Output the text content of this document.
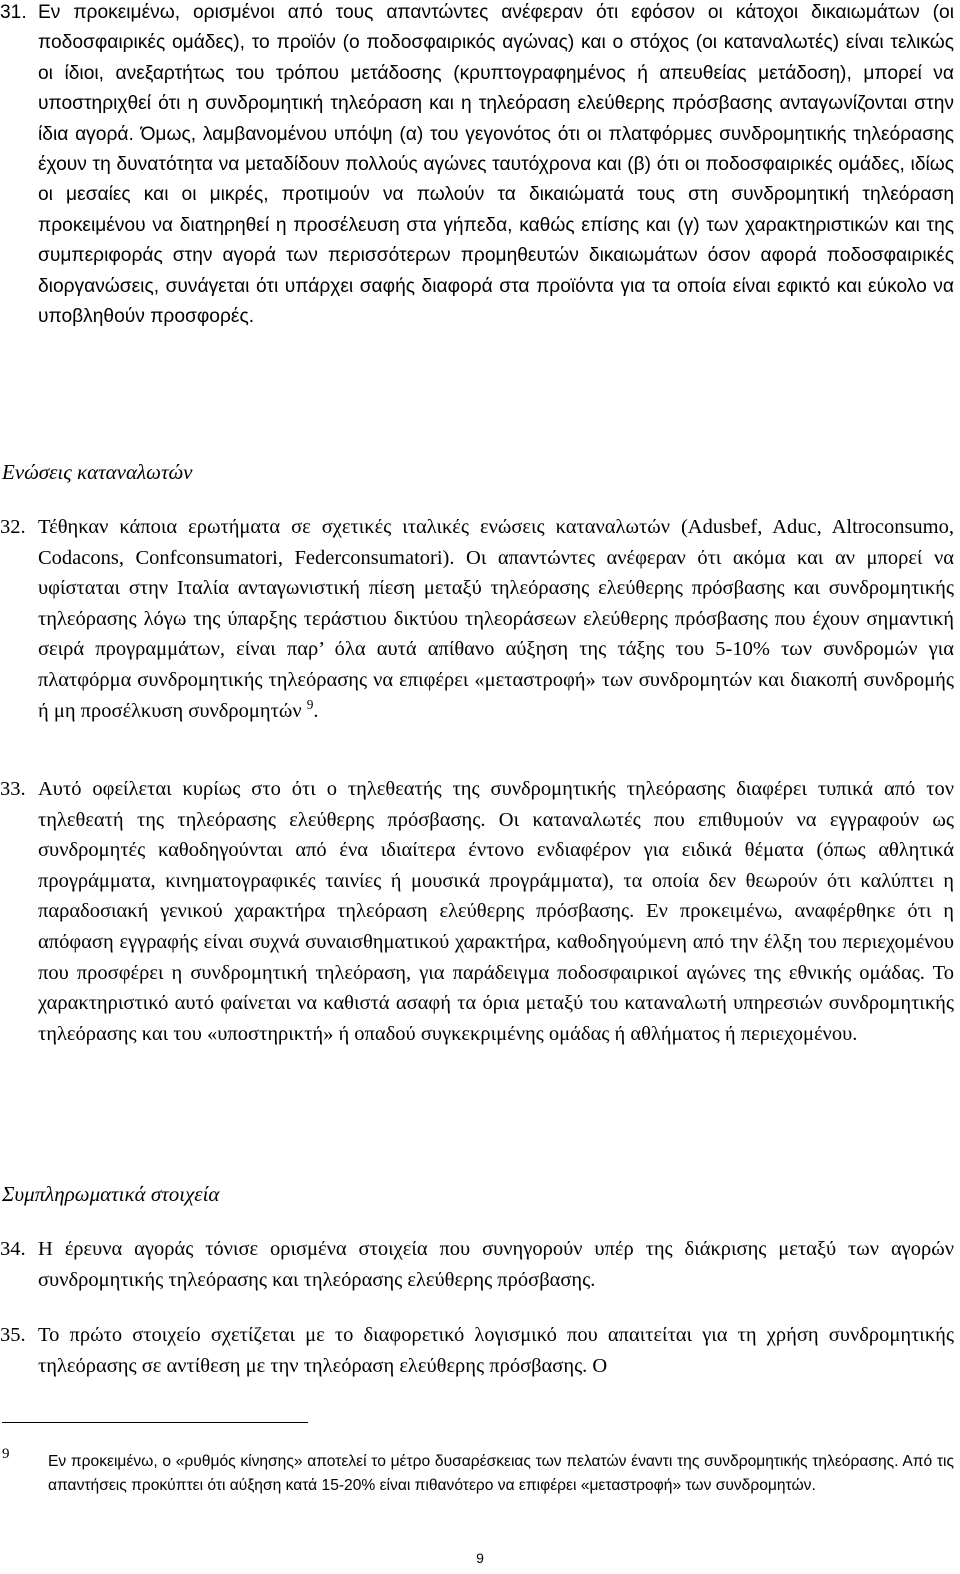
31. Εν προκειμένω, ορισμένοι από τους απαντώντες ανέφεραν ότι εφόσον οι κάτοχοι δικαιωμάτων (οι ποδοσφαιρικές ομάδες), το προϊόν (ο ποδοσφαιρικός αγώνας) και ο στόχος (οι καταναλωτές) είναι τελικώς οι ίδιοι, ανεξαρτήτως του τρόπου μετάδοσης (κρυπτογραφημένος ή απευθείας μετάδοση), μπορεί να υποστηριχθεί ότι η συνδρομητική τηλεόραση και η τηλεόραση ελεύθερης πρόσβασης ανταγωνίζονται στην ίδια αγορά. Όμως, λαμβανομένου υπόψη (α) του γεγονότος ότι οι πλατφόρμες συνδρομητικής τηλεόρασης έχουν τη δυνατότητα να μεταδίδουν πολλούς αγώνες ταυτόχρονα και (β) ότι οι ποδοσφαιρικές ομάδες, ιδίως οι μεσαίες και οι μικρές, προτιμούν να πωλούν τα δικαιώματά τους στη συνδρομητική τηλεόραση προκειμένου να διατηρηθεί η προσέλευση στα γήπεδα, καθώς επίσης και (γ) των χαρακτηριστικών και της συμπεριφοράς στην αγορά των περισσότερων προμηθευτών δικαιωμάτων όσον αφορά ποδοσφαιρικές διοργανώσεις, συνάγεται ότι υπάρχει σαφής διαφορά στα προϊόντα για τα οποία είναι εφικτό και εύκολο να υποβληθούν προσφορές.
Ενώσεις καταναλωτών
32. Τέθηκαν κάποια ερωτήματα σε σχετικές ιταλικές ενώσεις καταναλωτών (Adusbef, Aduc, Altroconsumo, Codacons, Confconsumatori, Federconsumatori). Οι απαντώντες ανέφεραν ότι ακόμα και αν μπορεί να υφίσταται στην Ιταλία ανταγωνιστική πίεση μεταξύ τηλεόρασης ελεύθερης πρόσβασης και συνδρομητικής τηλεόρασης λόγω της ύπαρξης τεράστιου δικτύου τηλεοράσεων ελεύθερης πρόσβασης που έχουν σημαντική σειρά προγραμμάτων, είναι παρ’ όλα αυτά απίθανο αύξηση της τάξης του 5-10% των συνδρομών για πλατφόρμα συνδρομητικής τηλεόρασης να επιφέρει «μεταστροφή» των συνδρομητών και διακοπή συνδρομής ή μη προσέλκυση συνδρομητών $^9$.
33. Αυτό οφείλεται κυρίως στο ότι ο τηλεθεατής της συνδρομητικής τηλεόρασης διαφέρει τυπικά από τον τηλεθεατή της τηλεόρασης ελεύθερης πρόσβασης. Οι καταναλωτές που επιθυμούν να εγγραφούν ως συνδρομητές καθοδηγούνται από ένα ιδιαίτερα έντονο ενδιαφέρον για ειδικά θέματα (όπως αθλητικά προγράμματα, κινηματογραφικές ταινίες ή μουσικά προγράμματα), τα οποία δεν θεωρούν ότι καλύπτει η παραδοσιακή γενικού χαρακτήρα τηλεόραση ελεύθερης πρόσβασης. Εν προκειμένω, αναφέρθηκε ότι η απόφαση εγγραφής είναι συχνά συναισθηματικού χαρακτήρα, καθοδηγούμενη από την έλξη του περιεχομένου που προσφέρει η συνδρομητική τηλεόραση, για παράδειγμα ποδοσφαιρικοί αγώνες της εθνικής ομάδας. Το χαρακτηριστικό αυτό φαίνεται να καθιστά ασαφή τα όρια μεταξύ του καταναλωτή υπηρεσιών συνδρομητικής τηλεόρασης και του «υποστηρικτή» ή οπαδού συγκεκριμένης ομάδας ή αθλήματος ή περιεχομένου.
Συμπληρωματικά στοιχεία
34. Η έρευνα αγοράς τόνισε ορισμένα στοιχεία που συνηγορούν υπέρ της διάκρισης μεταξύ των αγορών συνδρομητικής τηλεόρασης και τηλεόρασης ελεύθερης πρόσβασης.
35. Το πρώτο στοιχείο σχετίζεται με το διαφορετικό λογισμικό που απαιτείται για τη χρήση συνδρομητικής τηλεόρασης σε αντίθεση με την τηλεόραση ελεύθερης πρόσβασης. Ο
9 Εν προκειμένω, ο «ρυθμός κίνησης» αποτελεί το μέτρο δυσαρέσκειας των πελατών έναντι της συνδρομητικής τηλεόρασης. Από τις απαντήσεις προκύπτει ότι αύξηση κατά 15-20% είναι πιθανότερο να επιφέρει «μεταστροφή» των συνδρομητών.
9
